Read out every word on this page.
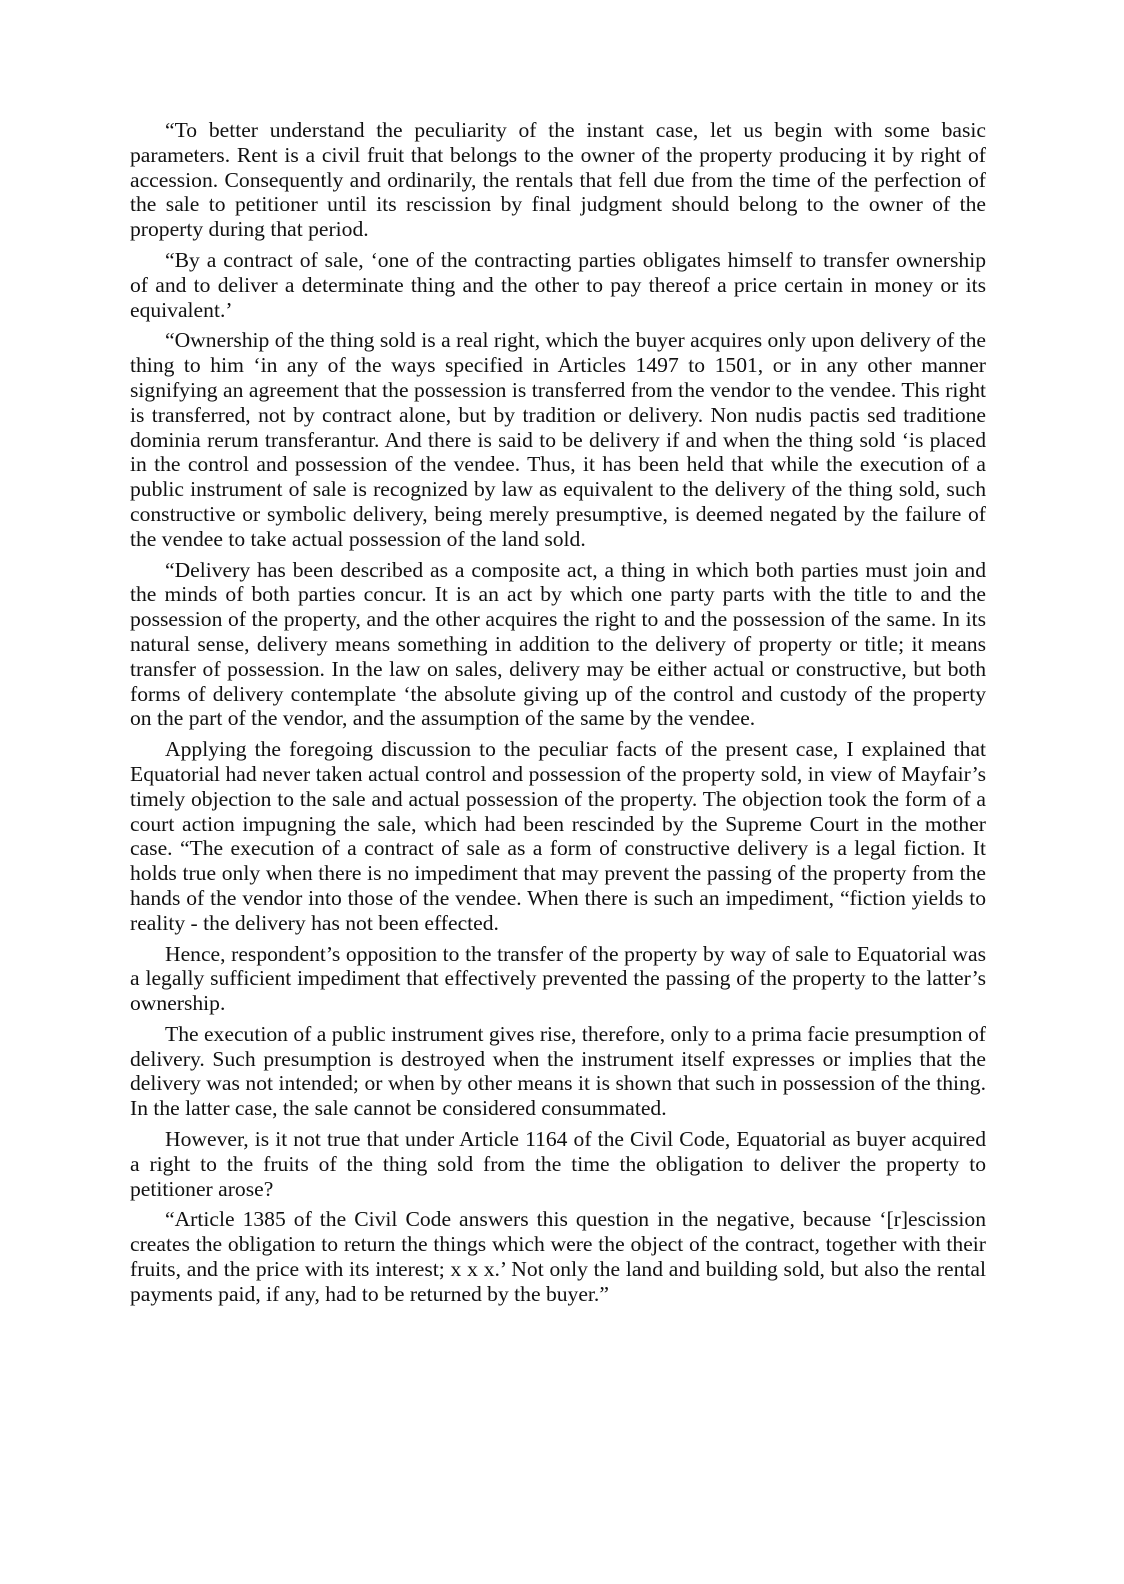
“To better understand the peculiarity of the instant case, let us begin with some basic parameters. Rent is a civil fruit that belongs to the owner of the property producing it by right of accession. Consequently and ordinarily, the rentals that fell due from the time of the perfection of the sale to petitioner until its rescission by final judgment should belong to the owner of the property during that period.

“By a contract of sale, ‘one of the contracting parties obligates himself to transfer ownership of and to deliver a determinate thing and the other to pay thereof a price certain in money or its equivalent.’

“Ownership of the thing sold is a real right, which the buyer acquires only upon delivery of the thing to him ‘in any of the ways specified in Articles 1497 to 1501, or in any other manner signifying an agreement that the possession is transferred from the vendor to the vendee. This right is transferred, not by contract alone, but by tradition or delivery. Non nudis pactis sed traditione dominia rerum transferantur. And there is said to be delivery if and when the thing sold ‘is placed in the control and possession of the vendee. Thus, it has been held that while the execution of a public instrument of sale is recognized by law as equivalent to the delivery of the thing sold, such constructive or symbolic delivery, being merely presumptive, is deemed negated by the failure of the vendee to take actual possession of the land sold.

“Delivery has been described as a composite act, a thing in which both parties must join and the minds of both parties concur. It is an act by which one party parts with the title to and the possession of the property, and the other acquires the right to and the possession of the same. In its natural sense, delivery means something in addition to the delivery of property or title; it means transfer of possession. In the law on sales, delivery may be either actual or constructive, but both forms of delivery contemplate ‘the absolute giving up of the control and custody of the property on the part of the vendor, and the assumption of the same by the vendee.

Applying the foregoing discussion to the peculiar facts of the present case, I explained that Equatorial had never taken actual control and possession of the property sold, in view of Mayfair’s timely objection to the sale and actual possession of the property. The objection took the form of a court action impugning the sale, which had been rescinded by the Supreme Court in the mother case. “The execution of a contract of sale as a form of constructive delivery is a legal fiction. It holds true only when there is no impediment that may prevent the passing of the property from the hands of the vendor into those of the vendee. When there is such an impediment, “fiction yields to reality - the delivery has not been effected.

Hence, respondent’s opposition to the transfer of the property by way of sale to Equatorial was a legally sufficient impediment that effectively prevented the passing of the property to the latter’s ownership.

The execution of a public instrument gives rise, therefore, only to a prima facie presumption of delivery. Such presumption is destroyed when the instrument itself expresses or implies that the delivery was not intended; or when by other means it is shown that such in possession of the thing. In the latter case, the sale cannot be considered consummated.

However, is it not true that under Article 1164 of the Civil Code, Equatorial as buyer acquired a right to the fruits of the thing sold from the time the obligation to deliver the property to petitioner arose?

“Article 1385 of the Civil Code answers this question in the negative, because ‘[r]escission creates the obligation to return the things which were the object of the contract, together with their fruits, and the price with its interest; x x x.’ Not only the land and building sold, but also the rental payments paid, if any, had to be returned by the buyer.”
